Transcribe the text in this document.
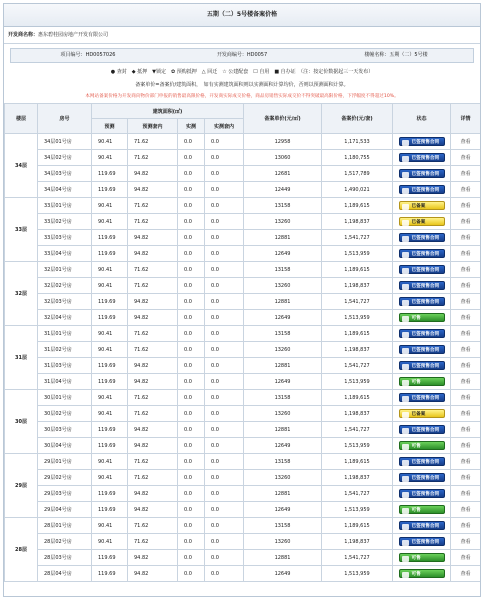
五期（二）5号楼备案价格
开发商名称：惠东碧桂园房地产开发有限公司
项目编号：HD0057026	开发商编号：HD0057	楼幢名称：五期（二）5号楼
● 查封　◆ 抵押　▼锁定　✿ 预购抵押　△ 回迁　☆ 公建配套　☐ 自用　■ 自办证　（注：按定价数据起三一天发布）
备案单价=备案价/建筑面积，　如有实测建筑面积则以实测面积计算均价，否则以预测面积计算。
本网站备案价格为开发商向物价部门申报的销售最高限价格，开发商实际成交价格，商品房销售实际成交价不得突破最高限价格，下浮幅度不得超过10%。
楼层	房号	建筑面积(㎡)				备案单价(元/㎡)	备案价(元/套)	状态	详情
		预测	预测套内	实测	实测套内				
34层	34层01号房	90.41	71.62	0.0	0.0	12958	1,171,533	已签预售合同	查看
	34层02号房	90.41	71.62	0.0	0.0	13060	1,180,755	已签预售合同	查看
	34层03号房	119.69	94.82	0.0	0.0	12681	1,517,789	已签预售合同	查看
	34层04号房	119.69	94.82	0.0	0.0	12449	1,490,021	已签预售合同	查看
33层	33层01号房	90.41	71.62	0.0	0.0	13158	1,189,615	已备案	查看
	33层02号房	90.41	71.62	0.0	0.0	13260	1,198,837	已备案	查看
	33层03号房	119.69	94.82	0.0	0.0	12881	1,541,727	已签预售合同	查看
	33层04号房	119.69	94.82	0.0	0.0	12649	1,513,959	已签预售合同	查看
32层	32层01号房	90.41	71.62	0.0	0.0	13158	1,189,615	已签预售合同	查看
	32层02号房	90.41	71.62	0.0	0.0	13260	1,198,837	已签预售合同	查看
	32层03号房	119.69	94.82	0.0	0.0	12881	1,541,727	已签预售合同	查看
	32层04号房	119.69	94.82	0.0	0.0	12649	1,513,959	可售	查看
31层	31层01号房	90.41	71.62	0.0	0.0	13158	1,189,615	已签预售合同	查看
	31层02号房	90.41	71.62	0.0	0.0	13260	1,198,837	已签预售合同	查看
	31层03号房	119.69	94.82	0.0	0.0	12881	1,541,727	已签预售合同	查看
	31层04号房	119.69	94.82	0.0	0.0	12649	1,513,959	可售	查看
30层	30层01号房	90.41	71.62	0.0	0.0	13158	1,189,615	已签预售合同	查看
	30层02号房	90.41	71.62	0.0	0.0	13260	1,198,837	已备案	查看
	30层03号房	119.69	94.82	0.0	0.0	12881	1,541,727	已签预售合同	查看
	30层04号房	119.69	94.82	0.0	0.0	12649	1,513,959	可售	查看
29层	29层01号房	90.41	71.62	0.0	0.0	13158	1,189,615	已签预售合同	查看
	29层02号房	90.41	71.62	0.0	0.0	13260	1,198,837	已签预售合同	查看
	29层03号房	119.69	94.82	0.0	0.0	12881	1,541,727	已签预售合同	查看
	29层04号房	119.69	94.82	0.0	0.0	12649	1,513,959	可售	查看
28层	28层01号房	90.41	71.62	0.0	0.0	13158	1,189,615	已签预售合同	查看
	28层02号房	90.41	71.62	0.0	0.0	13260	1,198,837	已签预售合同	查看
	28层03号房	119.69	94.82	0.0	0.0	12881	1,541,727	可售	查看
	28层04号房	119.69	94.82	0.0	0.0	12649	1,513,959	可售	查看
